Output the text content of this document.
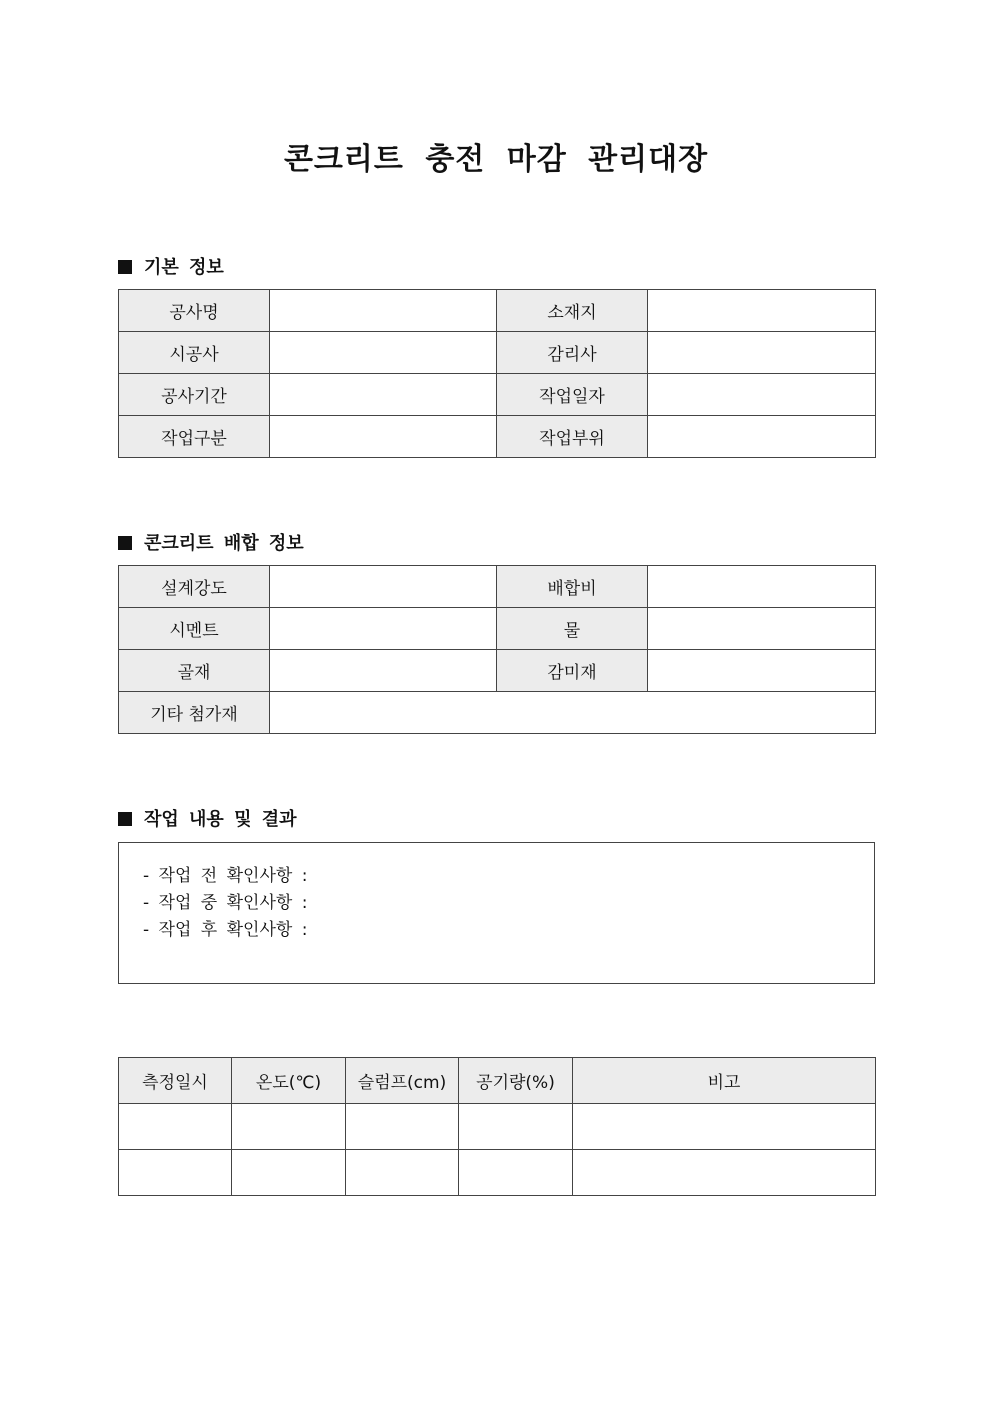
콘크리트 충전 마감 관리대장
기본 정보
공사명		소재지	
시공사		감리사	
공사기간		작업일자	
작업구분		작업부위	
콘크리트 배합 정보
설계강도		배합비	
시멘트		물	
골재		감미재	
기타 첨가재			
작업 내용 및 결과
- 작업 전 확인사항 :
- 작업 중 확인사항 :
- 작업 후 확인사항 :
측정일시	온도(℃)	슬럼프(cm)	공기량(%)	비고
